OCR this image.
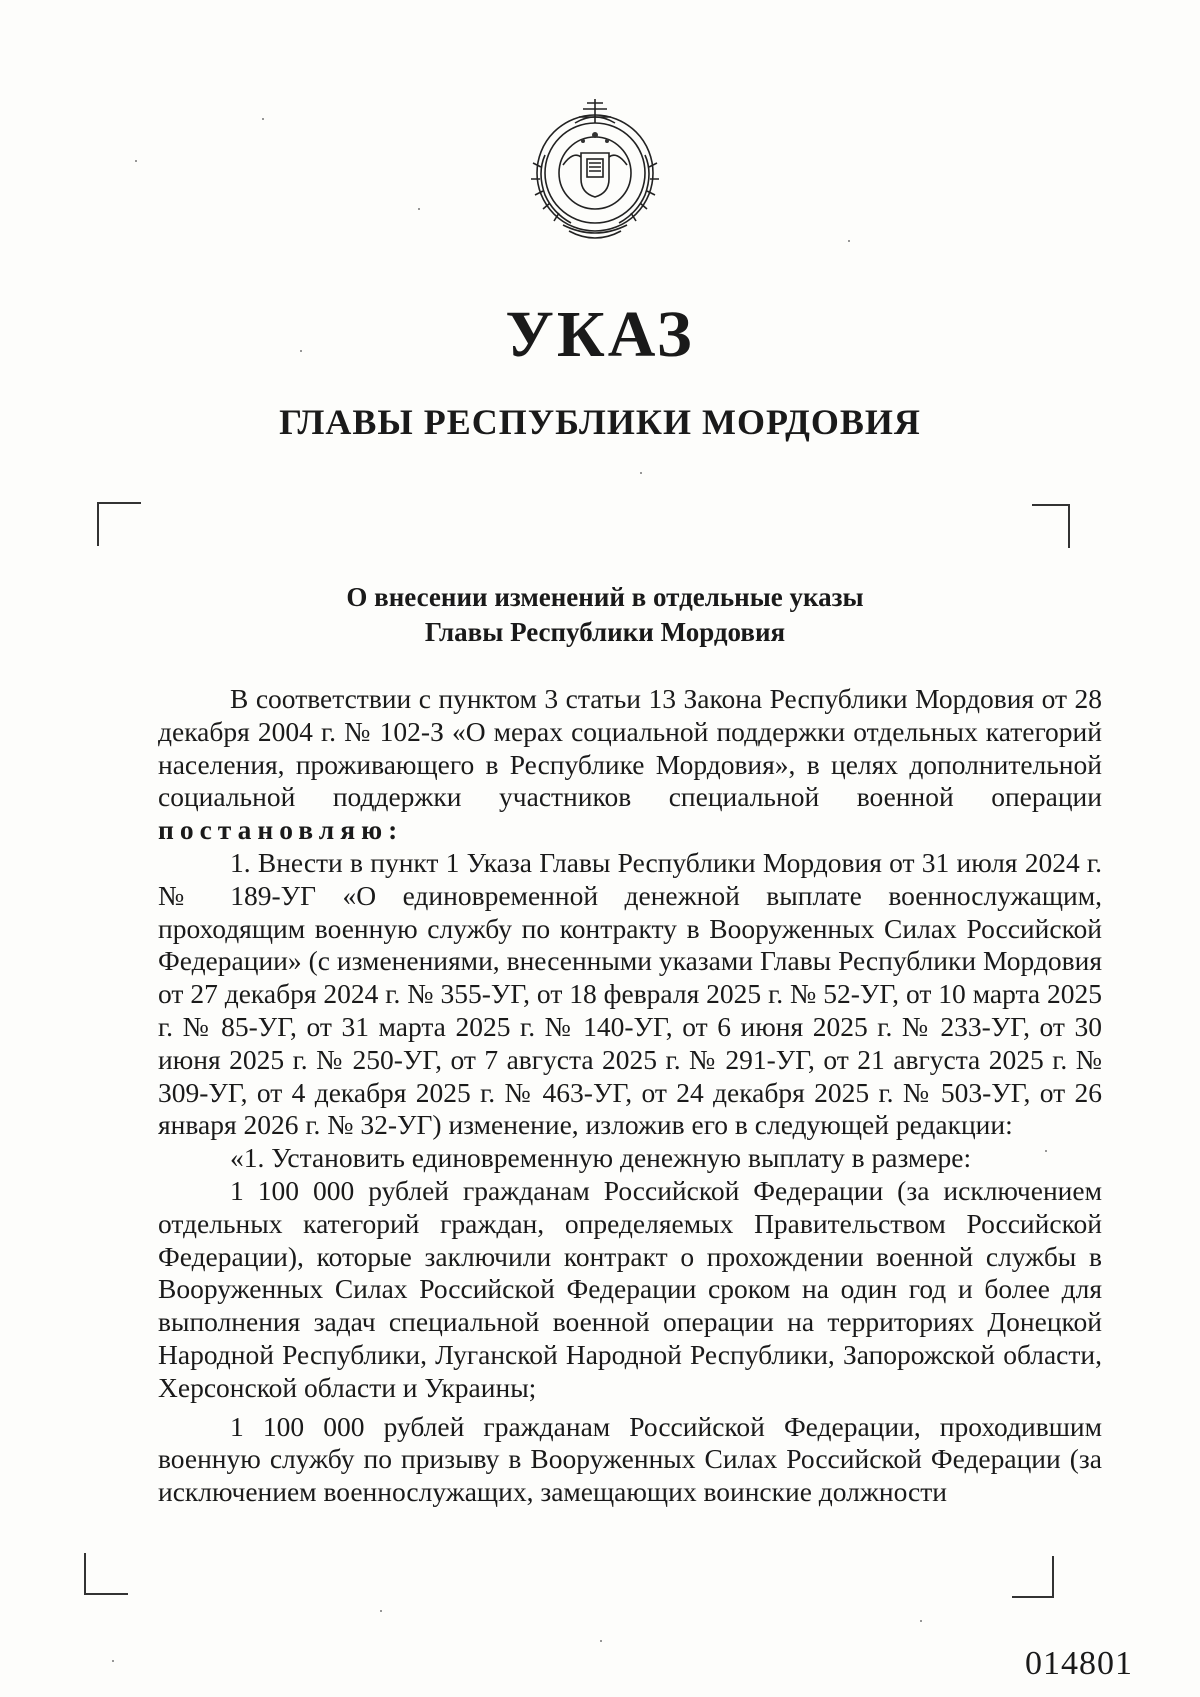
УКАЗ
ГЛАВЫ РЕСПУБЛИКИ МОРДОВИЯ
О внесении изменений в отдельные указы
Главы Республики Мордовия

В соответствии с пунктом 3 статьи 13 Закона Республики Мордовия от 28 декабря 2004 г. № 102-З «О мерах социальной поддержки отдельных категорий населения, проживающего в Республике Мордовия», в целях дополнительной социальной поддержки участников специальной военной операции постановляю:

1. Внести в пункт 1 Указа Главы Республики Мордовия от 31 июля 2024 г. № 189-УГ «О единовременной денежной выплате военнослужащим, проходящим военную службу по контракту в Вооруженных Силах Российской Федерации» (с изменениями, внесенными указами Главы Республики Мордовия от 27 декабря 2024 г. № 355-УГ, от 18 февраля 2025 г. № 52-УГ, от 10 марта 2025 г. № 85-УГ, от 31 марта 2025 г. № 140-УГ, от 6 июня 2025 г. № 233-УГ, от 30 июня 2025 г. № 250-УГ, от 7 августа 2025 г. № 291-УГ, от 21 августа 2025 г. № 309-УГ, от 4 декабря 2025 г. № 463-УГ, от 24 декабря 2025 г. № 503-УГ, от 26 января 2026 г. № 32-УГ) изменение, изложив его в следующей редакции:

«1. Установить единовременную денежную выплату в размере:

1 100 000 рублей гражданам Российской Федерации (за исключением отдельных категорий граждан, определяемых Правительством Российской Федерации), которые заключили контракт о прохождении военной службы в Вооруженных Силах Российской Федерации сроком на один год и более для выполнения задач специальной военной операции на территориях Донецкой Народной Республики, Луганской Народной Республики, Запорожской области, Херсонской области и Украины;

1 100 000 рублей гражданам Российской Федерации, проходившим военную службу по призыву в Вооруженных Силах Российской Федерации (за исключением военнослужащих, замещающих воинские должности

014801
